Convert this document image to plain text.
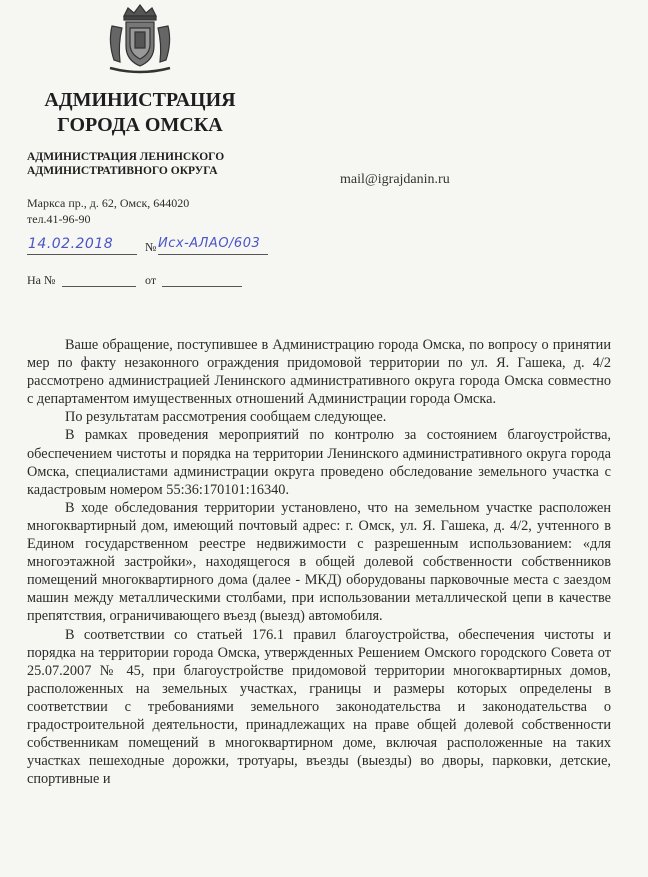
АДМИНИСТРАЦИЯ
ГОРОДА ОМСКА
АДМИНИСТРАЦИЯ ЛЕНИНСКОГО
АДМИНИСТРАТИВНОГО ОКРУГА
Маркса пр., д. 62, Омск, 644020
тел.41-96-90
mail@igrajdanin.ru
14.02.2018	№ Исх-АЛАО/603
На №	от

Ваше обращение, поступившее в Администрацию города Омска, по вопросу о принятии мер по факту незаконного ограждения придомовой территории по ул. Я. Гашека, д. 4/2 рассмотрено администрацией Ленинского административного округа города Омска совместно с департаментом имущественных отношений Администрации города Омска.

По результатам рассмотрения сообщаем следующее.

В рамках проведения мероприятий по контролю за состоянием благоустройства, обеспечением чистоты и порядка на территории Ленинского административного округа города Омска, специалистами администрации округа проведено обследование земельного участка с кадастровым номером 55:36:170101:16340.

В ходе обследования территории установлено, что на земельном участке расположен многоквартирный дом, имеющий почтовый адрес: г. Омск, ул. Я. Гашека, д. 4/2, учтенного в Едином государственном реестре недвижимости с разрешенным использованием: «для многоэтажной застройки», находящегося в общей долевой собственности собственников помещений многоквартирного дома (далее - МКД) оборудованы парковочные места с заездом машин между металлическими столбами, при использовании металлической цепи в качестве препятствия, ограничивающего въезд (выезд) автомобиля.

В соответствии со статьей 176.1 правил благоустройства, обеспечения чистоты и порядка на территории города Омска, утвержденных Решением Омского городского Совета от 25.07.2007 № 45, при благоустройстве придомовой территории многоквартирных домов, расположенных на земельных участках, границы и размеры которых определены в соответствии с требованиями земельного законодательства и законодательства о градостроительной деятельности, принадлежащих на праве общей долевой собственности собственникам помещений в многоквартирном доме, включая расположенные на таких участках пешеходные дорожки, тротуары, въезды (выезды) во дворы, парковки, детские, спортивные и
